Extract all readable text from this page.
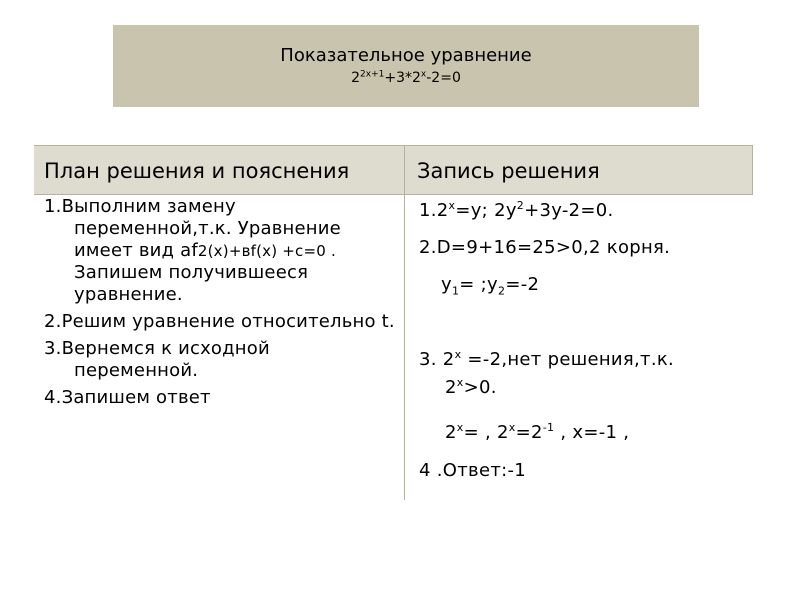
Показательное уравнение
$2^{2x+1}+3*2^x-2=0$
План решения и пояснения	Запись решения
1.Выполним замену переменной,т.к. Уравнение имеет вид af2(x)+вf(x) +c=0 . Запишем получившееся уравнение.
2.Решим уравнение относительно t.
3.Вернемся к исходной переменной.
4.Запишем ответ
$1.2^x=y$; $2y^2+3y-2=0$.
2.D=9+16=25>0,2 корня.
$y_1=$ $;y_2=-2$
3. $2^x =-2,нет$ решения,т.к.
$2^x>0$.
$2^x=$ , $2^x=2^{-1}$ , x=-1 ,
4 .Ответ:-1
